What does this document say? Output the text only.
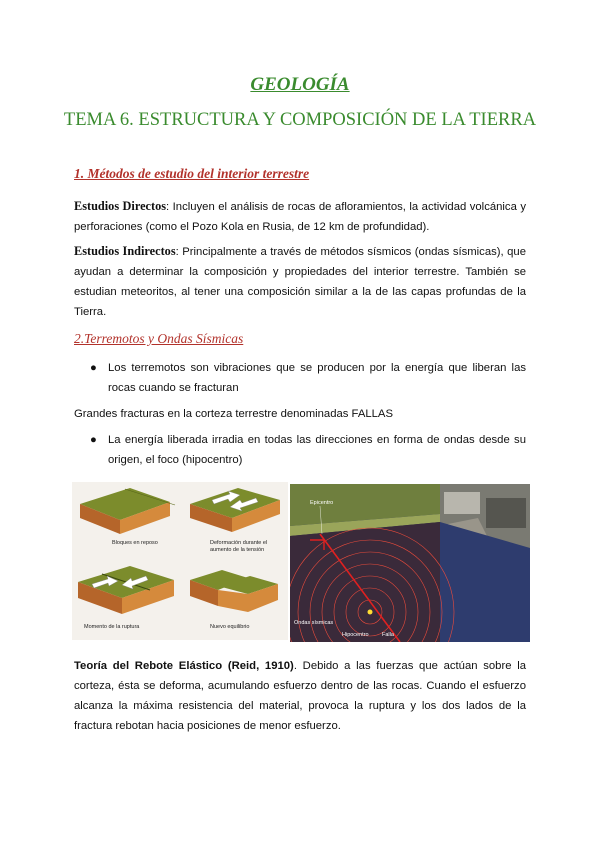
GEOLOGÍA
TEMA 6. ESTRUCTURA Y COMPOSICIÓN DE LA TIERRA
1. Métodos de estudio del interior terrestre
Estudios Directos: Incluyen el análisis de rocas de afloramientos, la actividad volcánica y perforaciones (como el Pozo Kola en Rusia, de 12 km de profundidad).
Estudios Indirectos: Principalmente a través de métodos sísmicos (ondas sísmicas), que ayudan a determinar la composición y propiedades del interior terrestre. También se estudian meteoritos, al tener una composición similar a la de las capas profundas de la Tierra.
2.Terremotos y Ondas Sísmicas
● Los terremotos son vibraciones que se producen por la energía que liberan las rocas cuando se fracturan
Grandes fracturas en la corteza terrestre denominadas FALLAS
● La energía liberada irradia en todas las direcciones en forma de ondas desde su origen, el foco (hipocentro)
Bloques en reposo	Deformación durante el
aumento de la tensión
Momento de la ruptura	Nuevo equilibrio
Epicentro
Ondas sísmicas
Hipocentro Falla
Teoría del Rebote Elástico (Reid, 1910). Debido a las fuerzas que actúan sobre la corteza, ésta se deforma, acumulando esfuerzo dentro de las rocas. Cuando el esfuerzo alcanza la máxima resistencia del material, provoca la ruptura y los dos lados de la fractura rebotan hacia posiciones de menor esfuerzo.
